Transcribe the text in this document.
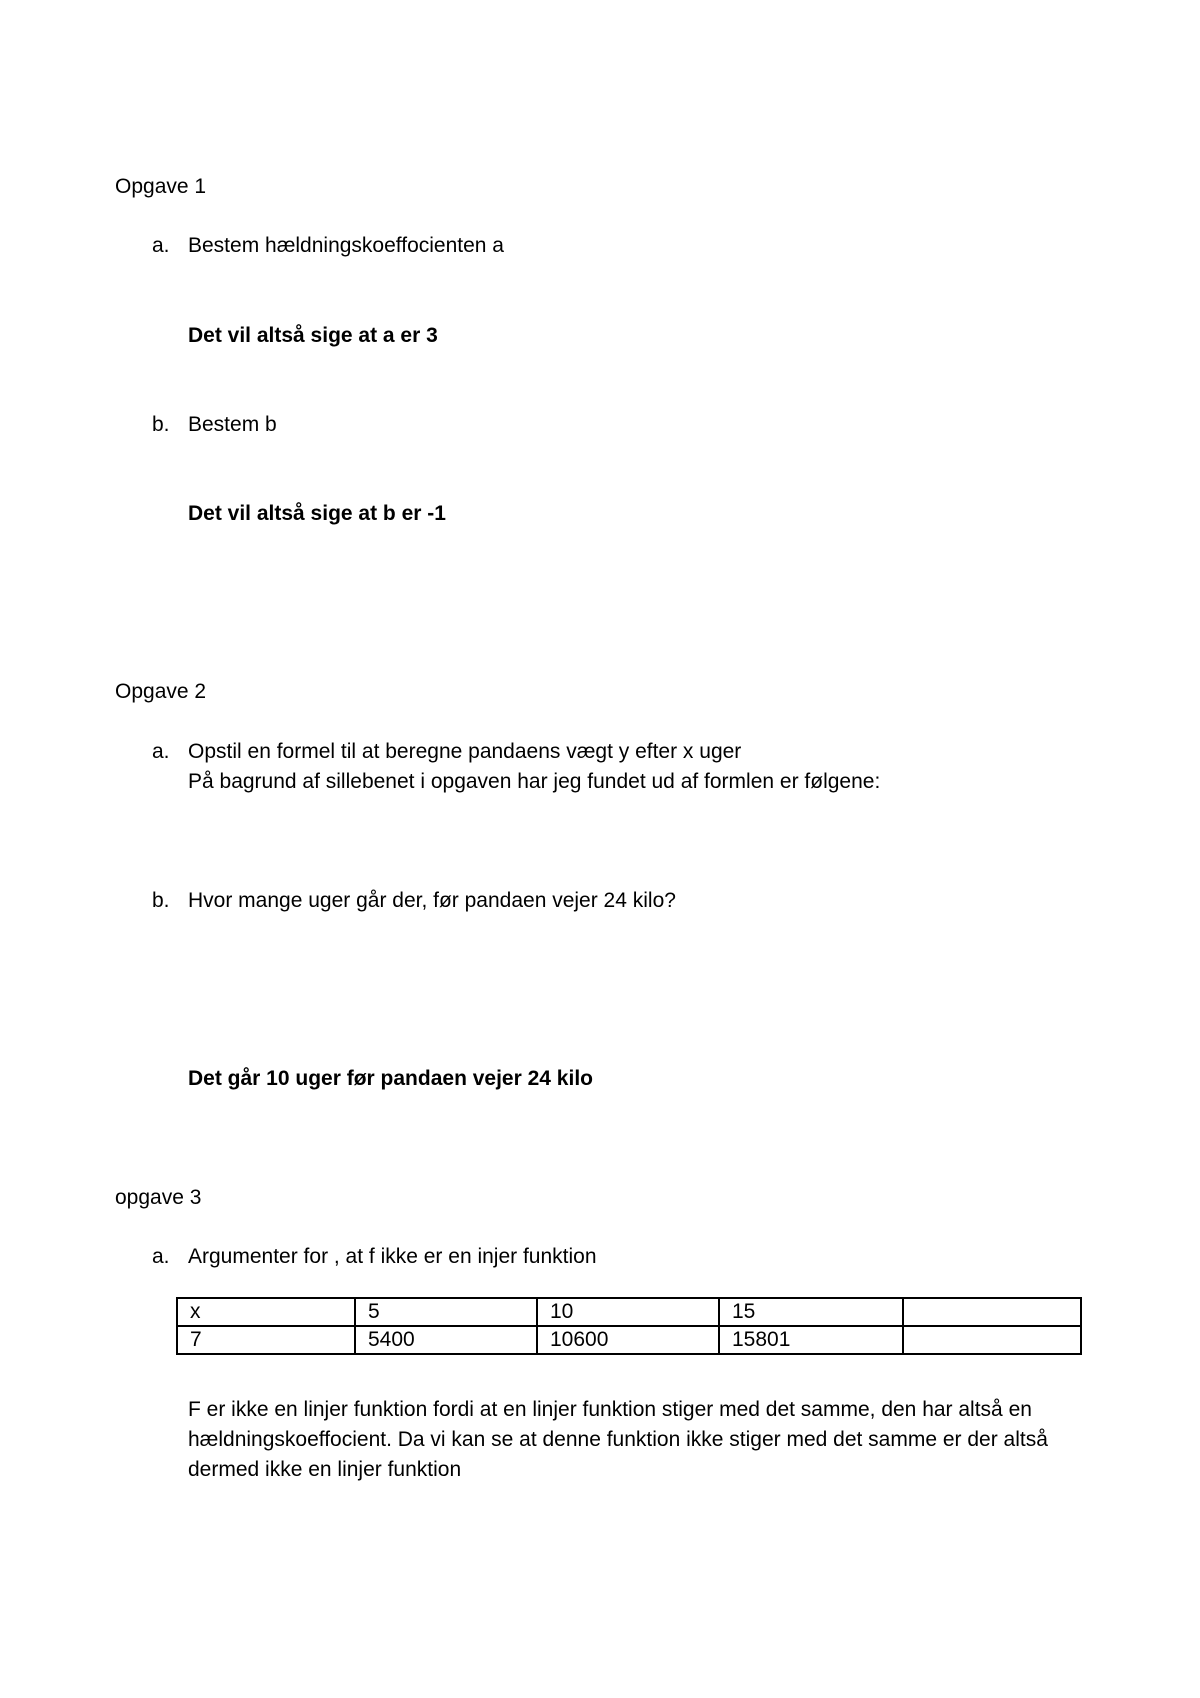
Opgave 1
a. Bestem hældningskoeffocienten a
Det vil altså sige at a er 3
b. Bestem b
Det vil altså sige at b er -1
Opgave 2
a. Opstil en formel til at beregne pandaens vægt y efter x uger
På bagrund af sillebenet i opgaven har jeg fundet ud af formlen er følgene:
b. Hvor mange uger går der, før pandaen vejer 24 kilo?
Det går 10 uger før pandaen vejer 24 kilo
opgave 3
a. Argumenter for , at f ikke er en injer funktion
x	5	10	15	
7	5400	10600	15801	
F er ikke en linjer funktion fordi at en linjer funktion stiger med det samme, den har altså en hældningskoeffocient. Da vi kan se at denne funktion ikke stiger med det samme er der altså dermed ikke en linjer funktion
